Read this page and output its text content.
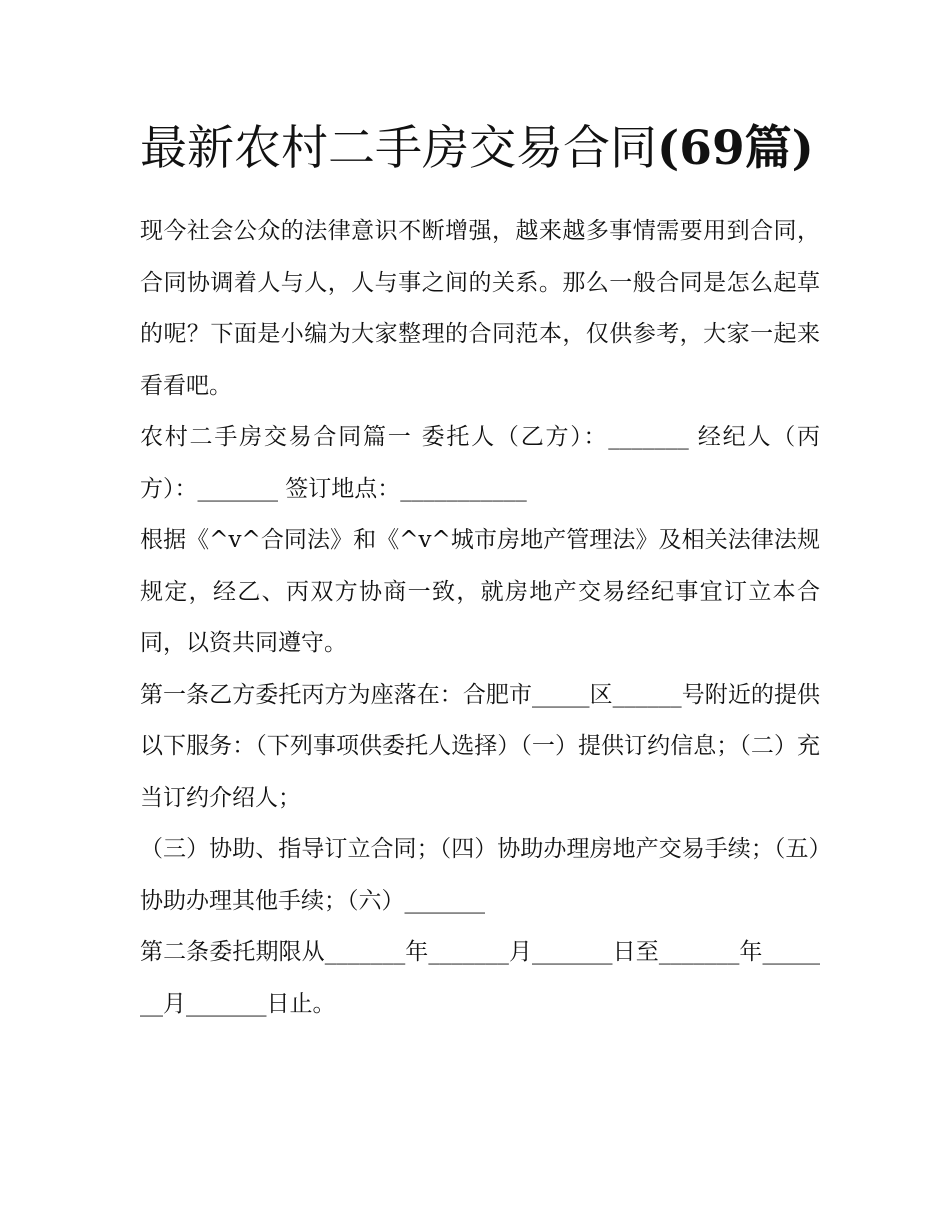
最新农村二手房交易合同(69篇)

现今社会公众的法律意识不断增强，越来越多事情需要用到合同，合同协调着人与人，人与事之间的关系。那么一般合同是怎么起草的呢？下面是小编为大家整理的合同范本，仅供参考，大家一起来看看吧。

农村二手房交易合同篇一 委托人（乙方）：_______ 经纪人（丙方）：_______ 签订地点：___________

根据《^v^合同法》和《^v^城市房地产管理法》及相关法律法规规定，经乙、丙双方协商一致，就房地产交易经纪事宜订立本合同，以资共同遵守。

第一条乙方委托丙方为座落在：合肥市_____区______号附近的提供以下服务：（下列事项供委托人选择）（一）提供订约信息；（二）充当订约介绍人；

（三）协助、指导订立合同；（四）协助办理房地产交易手续；（五）协助办理其他手续；（六）_______

第二条委托期限从_______年_______月_______日至_______年_______月_______日止。
